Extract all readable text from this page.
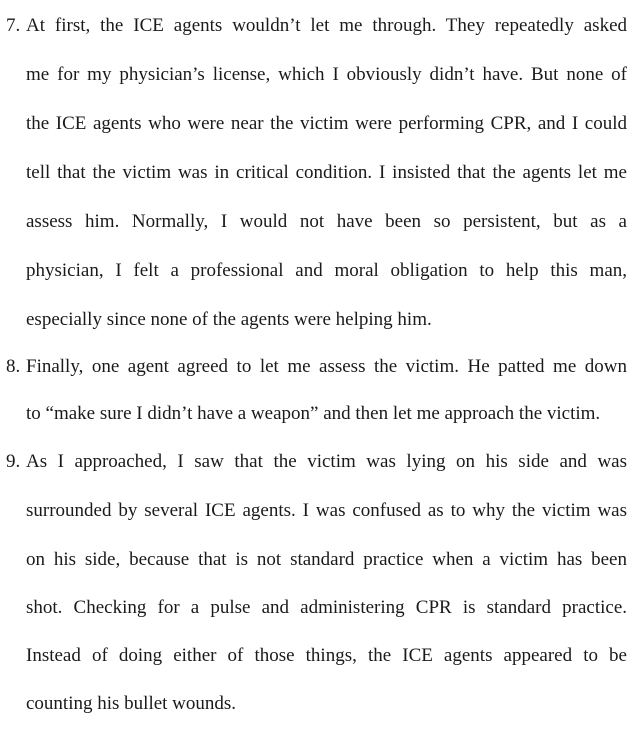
7. At first, the ICE agents wouldn’t let me through. They repeatedly asked
me for my physician’s license, which I obviously didn’t have. But none of
the ICE agents who were near the victim were performing CPR, and I could
tell that the victim was in critical condition. I insisted that the agents let me
assess him. Normally, I would not have been so persistent, but as a
physician, I felt a professional and moral obligation to help this man,
especially since none of the agents were helping him.
8. Finally, one agent agreed to let me assess the victim. He patted me down
to “make sure I didn’t have a weapon” and then let me approach the victim.
9. As I approached, I saw that the victim was lying on his side and was
surrounded by several ICE agents. I was confused as to why the victim was
on his side, because that is not standard practice when a victim has been
shot. Checking for a pulse and administering CPR is standard practice.
Instead of doing either of those things, the ICE agents appeared to be
counting his bullet wounds.
